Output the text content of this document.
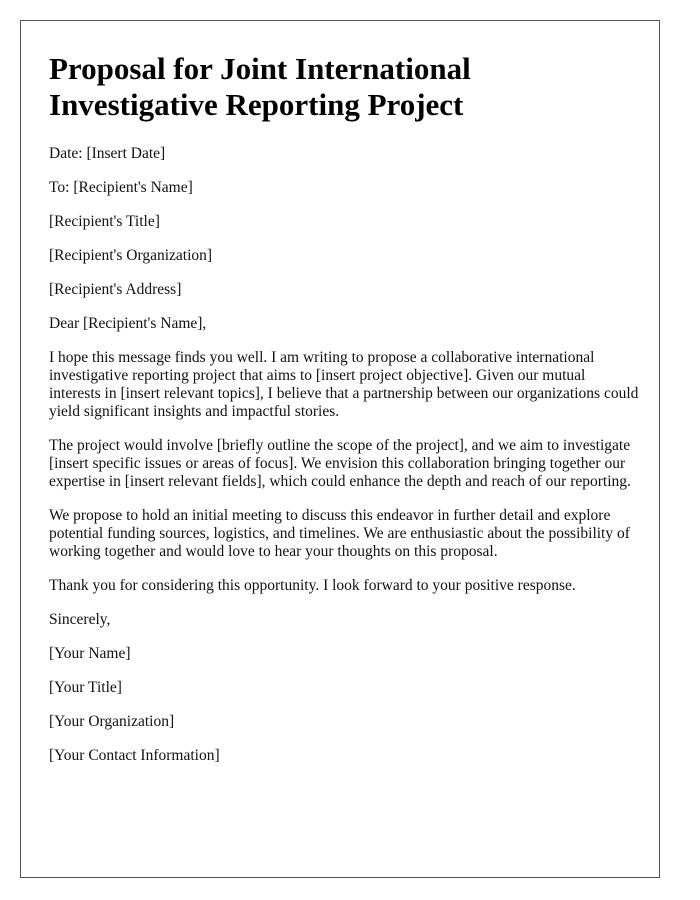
Proposal for Joint International Investigative Reporting Project

Date: [Insert Date]

To: [Recipient's Name]

[Recipient's Title]

[Recipient's Organization]

[Recipient's Address]

Dear [Recipient's Name],

I hope this message finds you well. I am writing to propose a collaborative international investigative reporting project that aims to [insert project objective]. Given our mutual interests in [insert relevant topics], I believe that a partnership between our organizations could yield significant insights and impactful stories.

The project would involve [briefly outline the scope of the project], and we aim to investigate [insert specific issues or areas of focus]. We envision this collaboration bringing together our expertise in [insert relevant fields], which could enhance the depth and reach of our reporting.

We propose to hold an initial meeting to discuss this endeavor in further detail and explore potential funding sources, logistics, and timelines. We are enthusiastic about the possibility of working together and would love to hear your thoughts on this proposal.

Thank you for considering this opportunity. I look forward to your positive response.

Sincerely,

[Your Name]

[Your Title]

[Your Organization]

[Your Contact Information]
